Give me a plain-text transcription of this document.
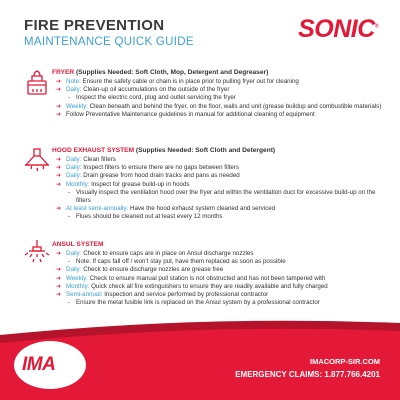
FIRE PREVENTION
MAINTENANCE QUICK GUIDE	SONIC®
FRYER (Supplies Needed: Soft Cloth, Mop, Detergent and Degreaser)
➜ Note: Ensure the safety cable or chain is in place prior to pulling fryer out for cleaning
➜ Daily: Clean-up oil accumulations on the outside of the fryer
- Inspect the electric cord, plug and outlet servicing the fryer
➜ Weekly: Clean beneath and behind the fryer, on the floor, walls and unit (grease buildup and combustible materials)
➜ Follow Preventative Maintenance guidelines in manual for additional cleaning of equipment
HOOD EXHAUST SYSTEM (Supplies Needed: Soft Cloth and Detergent)
➜ Daily: Clean filters
➜ Daily: Inspect filters to ensure there are no gaps between filters
➜ Daily: Drain grease from hood drain tracks and pans as needed
➜ Monthly: Inspect for grease build-up in hoods
- Visually inspect the ventilation hood over the fryer and within the ventilation duct for excessive build-up on the filters
➜ At least semi-annually: Have the hood exhaust system cleaned and serviced
- Flues should be cleaned out at least every 12 months
ANSUL SYSTEM
➜ Daily: Check to ensure caps are in place on Ansul discharge nozzles
- Note: If caps fall off / won’t stay put, have them replaced as soon as possible
➜ Daily: Check to ensure discharge nozzles are grease free
➜ Weekly: Check to ensure manual pull station is not obstructed and has not been tampered with
➜ Monthly: Quick check all fire extinguishers to ensure they are readily available and fully charged
➜ Semi-annual: Inspection and service performed by professional contractor
- Ensure the metal fusible link is replaced on the Ansul system by a professional contractor
IMA	IMACORP-SIR.COM
EMERGENCY CLAIMS: 1.877.766.4201
